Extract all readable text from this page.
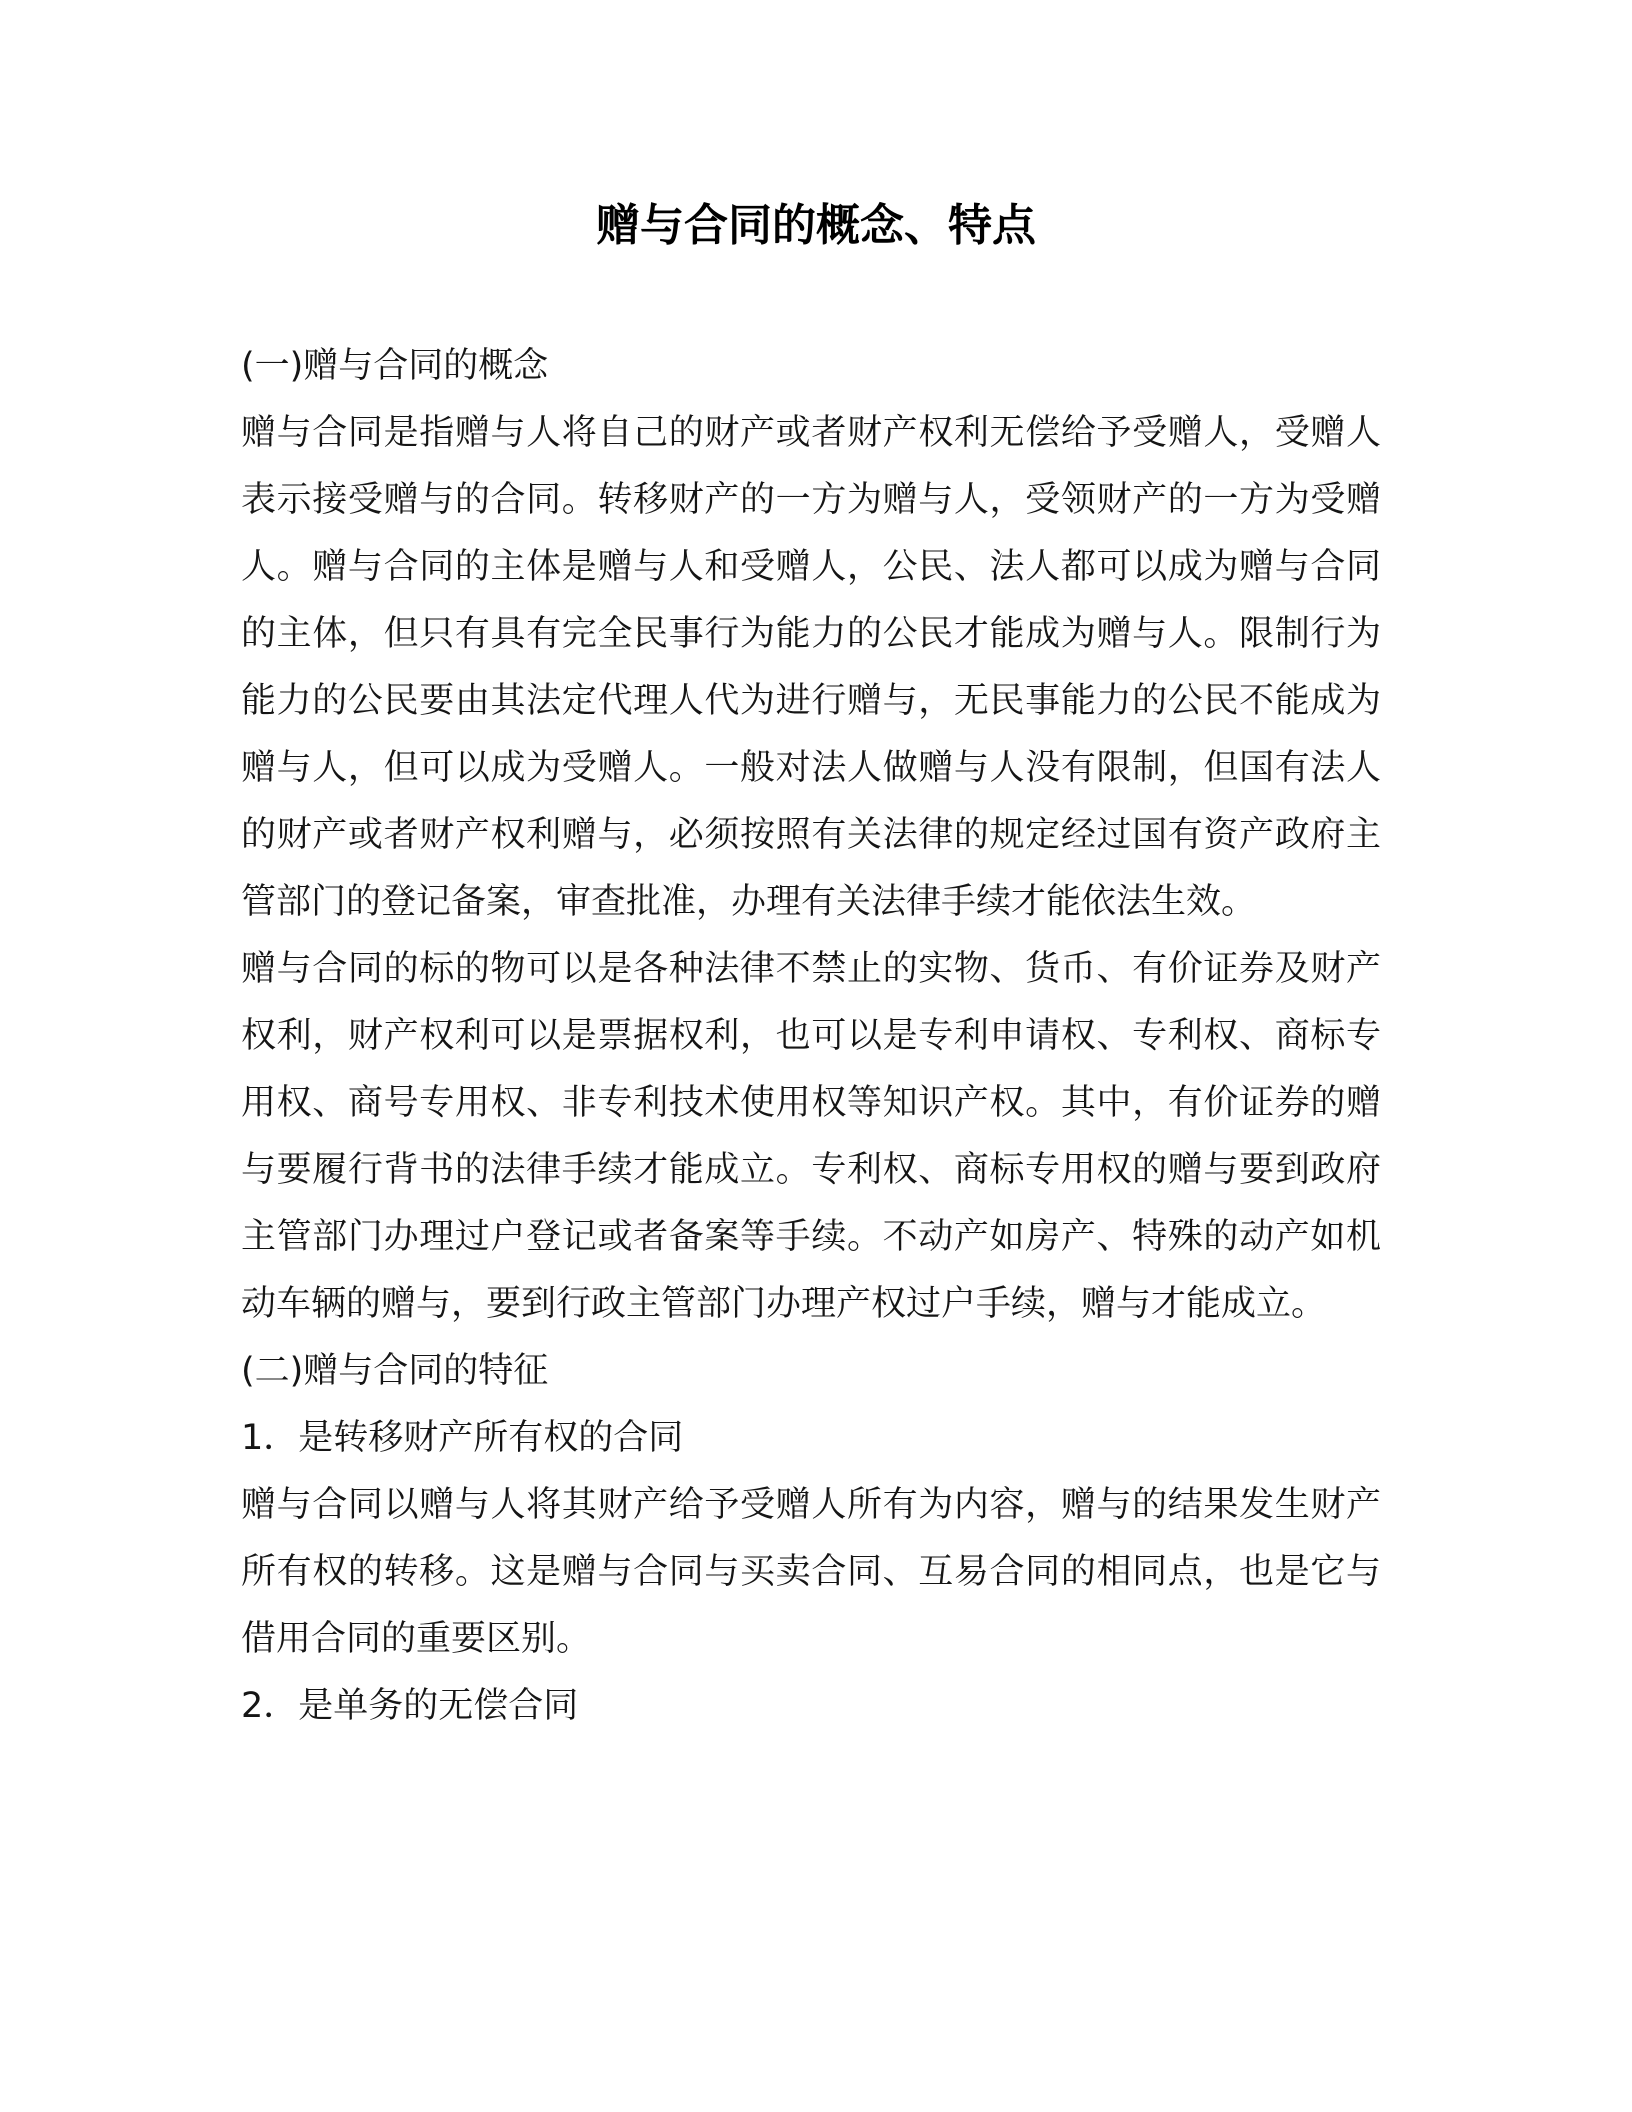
赠与合同的概念、特点

(一)赠与合同的概念

赠与合同是指赠与人将自己的财产或者财产权利无偿给予受赠人，受赠人表示接受赠与的合同。转移财产的一方为赠与人，受领财产的一方为受赠人。赠与合同的主体是赠与人和受赠人，公民、法人都可以成为赠与合同的主体，但只有具有完全民事行为能力的公民才能成为赠与人。限制行为能力的公民要由其法定代理人代为进行赠与，无民事能力的公民不能成为赠与人，但可以成为受赠人。一般对法人做赠与人没有限制，但国有法人的财产或者财产权利赠与，必须按照有关法律的规定经过国有资产政府主管部门的登记备案，审查批准，办理有关法律手续才能依法生效。

赠与合同的标的物可以是各种法律不禁止的实物、货币、有价证券及财产权利，财产权利可以是票据权利，也可以是专利申请权、专利权、商标专用权、商号专用权、非专利技术使用权等知识产权。其中，有价证券的赠与要履行背书的法律手续才能成立。专利权、商标专用权的赠与要到政府主管部门办理过户登记或者备案等手续。不动产如房产、特殊的动产如机动车辆的赠与，要到行政主管部门办理产权过户手续，赠与才能成立。

(二)赠与合同的特征

1．是转移财产所有权的合同

赠与合同以赠与人将其财产给予受赠人所有为内容，赠与的结果发生财产所有权的转移。这是赠与合同与买卖合同、互易合同的相同点，也是它与借用合同的重要区别。

2．是单务的无偿合同
